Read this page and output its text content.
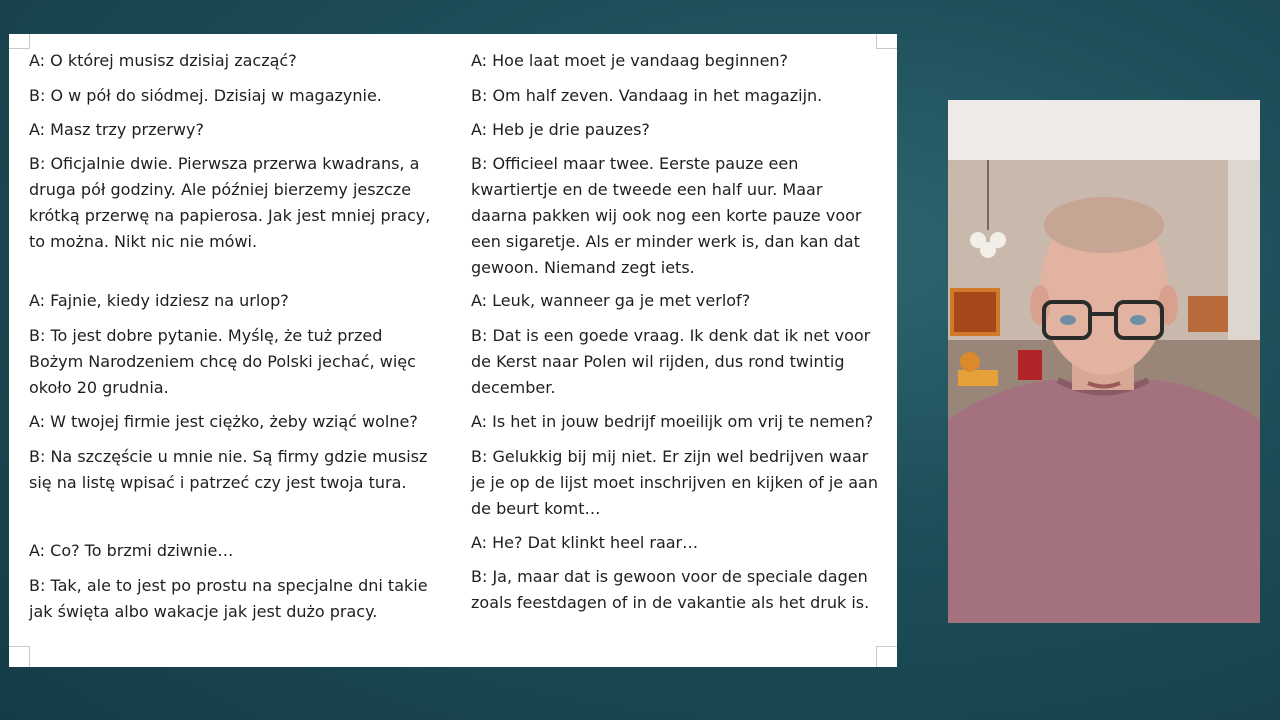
A: O której musisz dzisiaj zacząć?

B: O w pół do siódmej. Dzisiaj w magazynie.

A: Masz trzy przerwy?

B: Oficjalnie dwie. Pierwsza przerwa kwadrans, a
druga pół godziny. Ale później bierzemy jeszcze
krótką przerwę na papierosa. Jak jest mniej pracy,
to można. Nikt nic nie mówi.

A: Fajnie, kiedy idziesz na urlop?

B: To jest dobre pytanie. Myślę, że tuż przed
Bożym Narodzeniem chcę do Polski jechać, więc
około 20 grudnia.

A: W twojej firmie jest ciężko, żeby wziąć wolne?

B: Na szczęście u mnie nie. Są firmy gdzie musisz
się na listę wpisać i patrzeć czy jest twoja tura.

A: Co? To brzmi dziwnie…

B: Tak, ale to jest po prostu na specjalne dni takie
jak święta albo wakacje jak jest dużo pracy.

A: Hoe laat moet je vandaag beginnen?

B: Om half zeven. Vandaag in het magazijn.

A: Heb je drie pauzes?

B: Officieel maar twee. Eerste pauze een
kwartiertje en de tweede een half uur. Maar
daarna pakken wij ook nog een korte pauze voor
een sigaretje. Als er minder werk is, dan kan dat
gewoon. Niemand zegt iets.

A: Leuk, wanneer ga je met verlof?

B: Dat is een goede vraag. Ik denk dat ik net voor
de Kerst naar Polen wil rijden, dus rond twintig
december.

A: Is het in jouw bedrijf moeilijk om vrij te nemen?

B: Gelukkig bij mij niet. Er zijn wel bedrijven waar
je je op de lijst moet inschrijven en kijken of je aan
de beurt komt…

A: He? Dat klinkt heel raar…

B: Ja, maar dat is gewoon voor de speciale dagen
zoals feestdagen of in de vakantie als het druk is.
